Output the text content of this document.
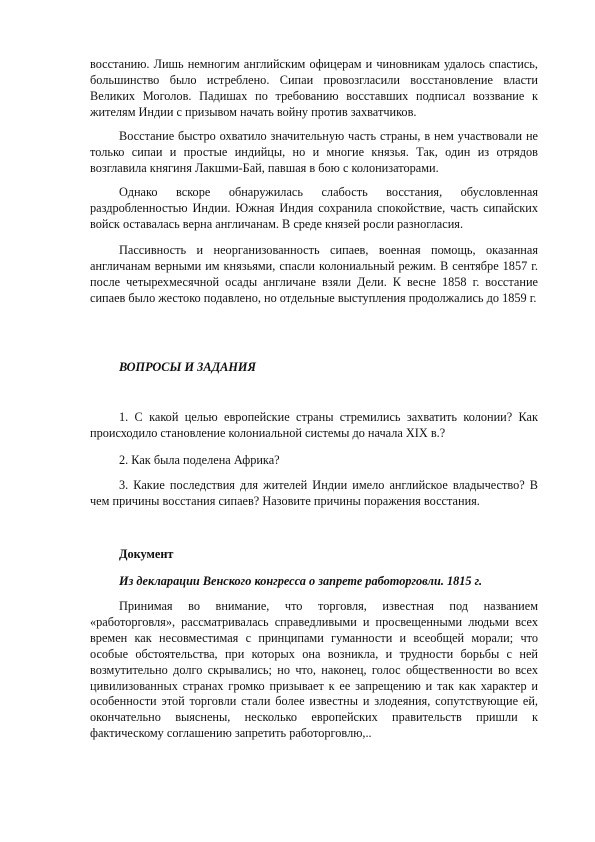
восстанию. Лишь немногим английским офицерам и чиновникам удалось спастись, большинство было истреблено. Сипаи провозгласили восстановление власти Великих Моголов. Падишах по требованию восставших подписал воззвание к жителям Индии с призывом начать войну против захватчиков.

Восстание быстро охватило значительную часть страны, в нем участвовали не только сипаи и простые индийцы, но и многие князья. Так, один из отрядов возглавила княгиня Лакшми-Бай, павшая в бою с колонизаторами.

Однако вскоре обнаружилась слабость восстания, обусловленная раздробленностью Индии. Южная Индия сохранила спокойствие, часть сипайских войск оставалась верна англичанам. В среде князей росли разногласия.

Пассивность и неорганизованность сипаев, военная помощь, оказанная англичанам верными им князьями, спасли колониальный режим. В сентябре 1857 г. после четырехмесячной осады англичане взяли Дели. К весне 1858 г. восстание сипаев было жестоко подавлено, но отдельные выступления продолжались до 1859 г.

ВОПРОСЫ И ЗАДАНИЯ

1. С какой целью европейские страны стремились захватить колонии? Как происходило становление колониальной системы до начала XIX в.?

2. Как была поделена Африка?

3. Какие последствия для жителей Индии имело английское владычество? В чем причины восстания сипаев? Назовите причины поражения восстания.

Документ

Из декларации Венского конгресса о запрете работорговли. 1815 г.

Принимая во внимание, что торговля, известная под названием «работорговля», рассматривалась справедливыми и просвещенными людьми всех времен как несовместимая с принципами гуманности и всеобщей морали; что особые обстоятельства, при которых она возникла, и трудности борьбы с ней возмутительно долго скрывались; но что, наконец, голос общественности во всех цивилизованных странах громко призывает к ее запрещению и так как характер и особенности этой торговли стали более известны и злодеяния, сопутствующие ей, окончательно выяснены, несколько европейских правительств пришли к фактическому соглашению запретить работорговлю,..
